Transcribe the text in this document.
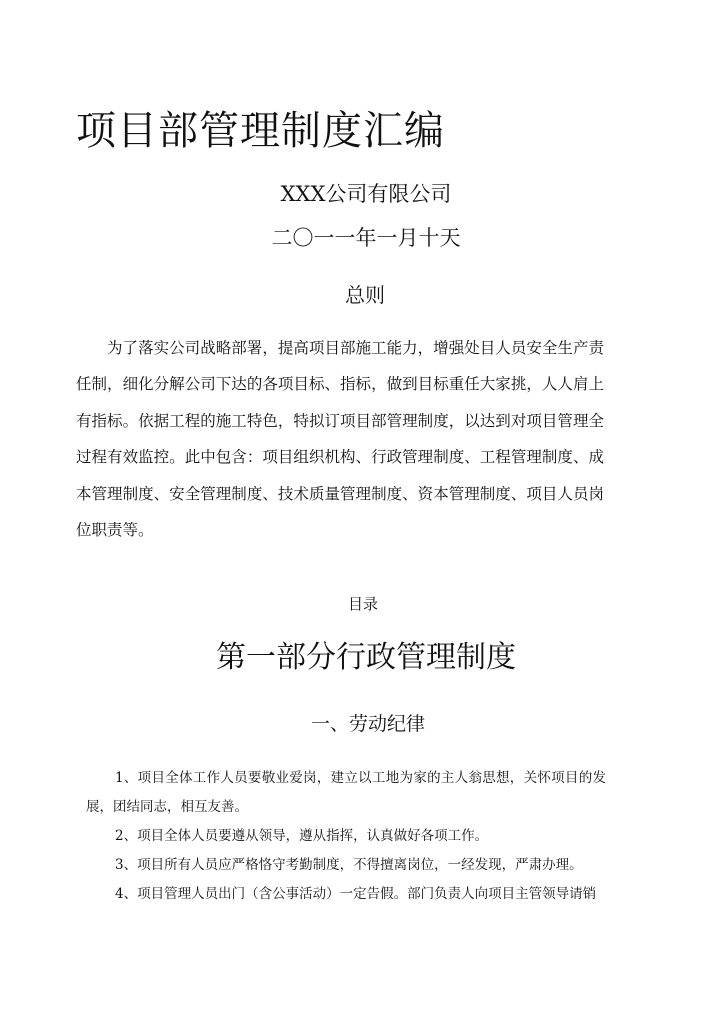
项目部管理制度汇编
XXX公司有限公司
二〇一一年一月十天
总则

为了落实公司战略部署，提高项目部施工能力，增强处目人员安全生产责任制，细化分解公司下达的各项目标、指标，做到目标重任大家挑，人人肩上有指标。依据工程的施工特色，特拟订项目部管理制度，以达到对项目管理全过程有效监控。此中包含：项目组织机构、行政管理制度、工程管理制度、成本管理制度、安全管理制度、技术质量管理制度、资本管理制度、项目人员岗位职责等。

目录
第一部分行政管理制度
一、劳动纪律
1、项目全体工作人员要敬业爱岗，建立以工地为家的主人翁思想，关怀项目的发展，团结同志，相互友善。
2、项目全体人员要遵从领导，遵从指挥，认真做好各项工作。
3、项目所有人员应严格恪守考勤制度，不得擅离岗位，一经发现，严肃办理。
4、项目管理人员出门（含公事活动）一定告假。部门负责人向项目主管领导请销
